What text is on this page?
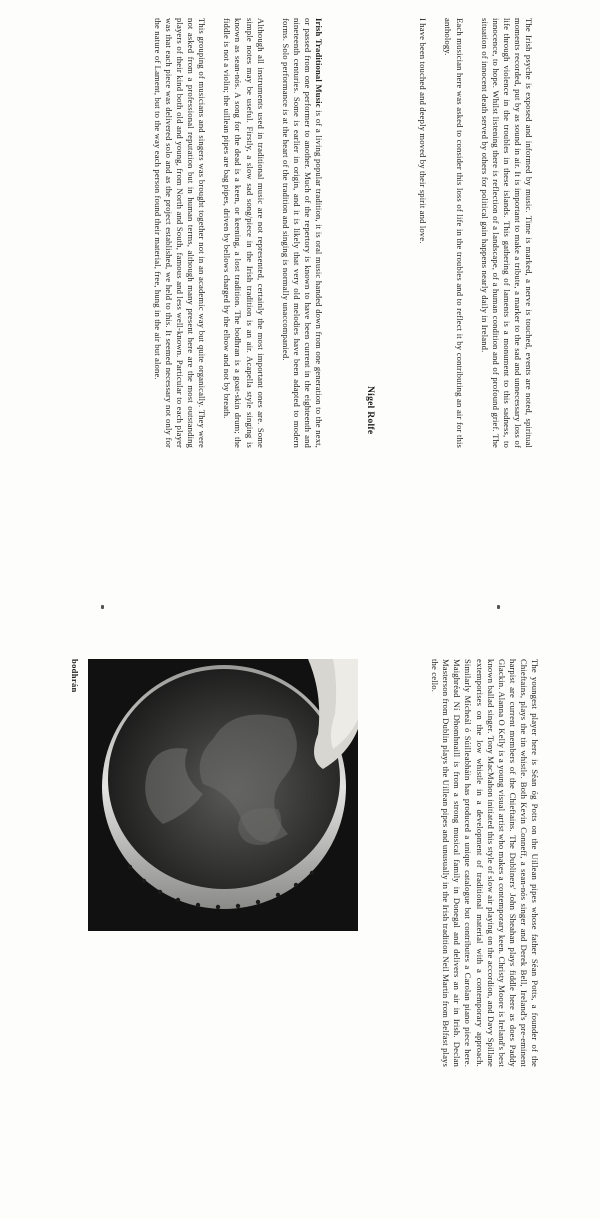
The Irish psyche is exposed and informed by music. Time is marked, a nerve is touched, events are noted, spiritual moments recorded, put by as sound in air. It is important to make a tribute, a marker to the sad and unnecessary loss of life through violence in the troubles in these islands. This gathering of laments is a monument to this sadness, to innocence, to hope. Whilst listening there is reflection of a landscape, of a human condition and of profound grief. The situation of innocent death served by others for political gain happens nearly daily in Ireland.

Each musician here was asked to consider this loss of life in the troubles and to reflect it by contributing an air for this anthology.

I have been touched and deeply moved by their spirit and love.

Nigel Rolfe

Irish Traditional Music is of a living popular tradition, it is oral music handed down from one generation to the next, or passed from one performer to another. Much of the repertory is known to have been current in the eighteenth and nineteenth centuries. Some is earlier in origin, and it is likely that very old melodies have been adapted to modern forms. Solo performance is at the heart of the tradition and singing is normally unaccompanied.

Although all instruments used in traditional music are not represented, certainly the most important ones are. Some simple notes may be useful. Firstly, a slow sad song/piece in the Irish tradition is an air. Acapella style singing is known as sean-nós. A song for the dead is a keen, or keening, a lost tradition. The bodhran is a goat-skin drum; the fiddle is not a violin; the uillean pipes are bag pipes, driven by bellows charged by the elbow and not by breath.

This grouping of musicians and singers was brought together not in an academic way but quite organically. They were not asked from a professional reputation but in human terms, although many present here are the most outstanding players of their kind both old and young, from North and South, famous and less well-known. Particular to each player was that each piece was delivered solo and as the project established, we held to this. It seemed necessary not only for the nature of Lament, but to the way each person found their material, free, hung in the air but alone.

The youngest player here is Séan óg Potts on the Uillean pipes whose father Séan Potts, a founder of the Chieftains, plays the tin whistle. Both Kevin Conneff, a sean-nós singer and Derek Bell, Ireland's pre-eminent harpist are current members of the Chieftains. The Dubliners' John Sheahan plays fiddle here as does Paddy Glackin. Alanna O Kelly is a young visual artist who makes a contemporary keen. Christy Moore is Ireland's best known ballad singer. Tony MacMahon initiated this style of slow air playing on the accordion, and Davy Spillane extemporises on the low whistle in a development of traditional material with a contemporary approach. Similarly Mícheál ó Súilleabháin has produced a unique catalogue but contributes a Carolan piano piece here. Maighréad Ní Dhomhnaill is from a strong musical family in Donegal and delivers an air in Irish. Declan Masterson from Dublin plays the Uillean pipes and unusually in the Irish tradition Neil Martin from Belfast plays the cello.

bodhrán
